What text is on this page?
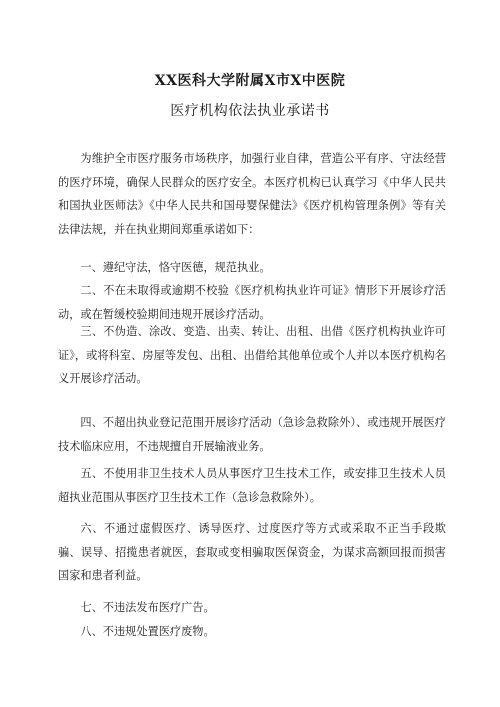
XX医科大学附属X市X中医院
医疗机构依法执业承诺书

为维护全市医疗服务市场秩序，加强行业自律，营造公平有序、守法经营的医疗环境，确保人民群众的医疗安全。本医疗机构已认真学习《中华人民共和国执业医师法》《中华人民共和国母婴保健法》《医疗机构管理条例》等有关法律法规，并在执业期间郑重承诺如下：

一、遵纪守法，恪守医德，规范执业。

二、不在未取得或逾期不校验《医疗机构执业许可证》情形下开展诊疗活动，或在暂缓校验期间违规开展诊疗活动。

三、不伪造、涂改、变造、出卖、转让、出租、出借《医疗机构执业许可证》，或将科室、房屋等发包、出租、出借给其他单位或个人并以本医疗机构名义开展诊疗活动。

四、不超出执业登记范围开展诊疗活动（急诊急救除外）、或违规开展医疗技术临床应用，不违规擅自开展输液业务。

五、不使用非卫生技术人员从事医疗卫生技术工作，或安排卫生技术人员超执业范围从事医疗卫生技术工作（急诊急救除外）。

六、不通过虚假医疗、诱导医疗、过度医疗等方式或采取不正当手段欺骗、误导、招揽患者就医，套取或变相骗取医保资金，为谋求高额回报而损害国家和患者利益。

七、不违法发布医疗广告。

八、不违规处置医疗废物。
